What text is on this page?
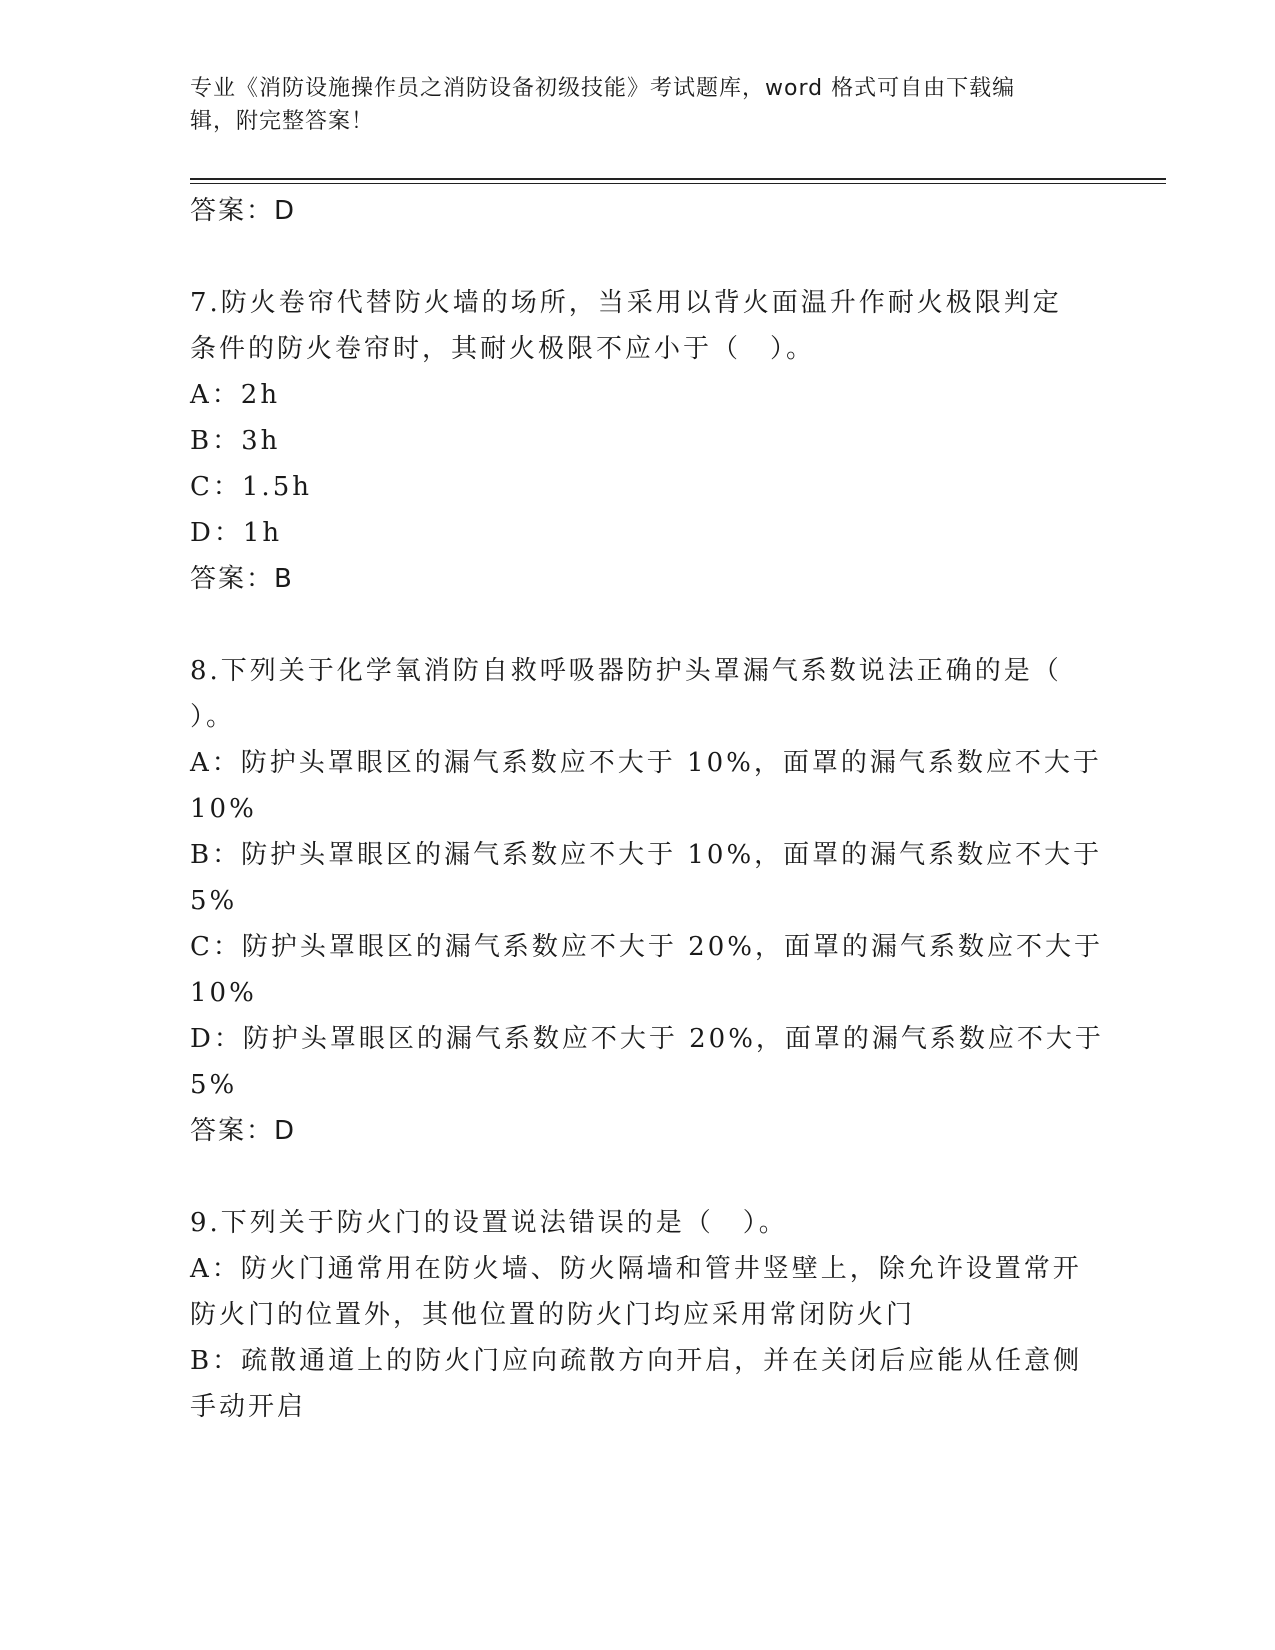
专业《消防设施操作员之消防设备初级技能》考试题库，word 格式可自由下载编
辑，附完整答案！
答案：D
7.防火卷帘代替防火墙的场所，当采用以背火面温升作耐火极限判定
条件的防火卷帘时，其耐火极限不应小于（　）。
A：2h
B：3h
C：1.5h
D：1h
答案：B
8.下列关于化学氧消防自救呼吸器防护头罩漏气系数说法正确的是（
）。
A：防护头罩眼区的漏气系数应不大于 10%，面罩的漏气系数应不大于
10%
B：防护头罩眼区的漏气系数应不大于 10%，面罩的漏气系数应不大于
5%
C：防护头罩眼区的漏气系数应不大于 20%，面罩的漏气系数应不大于
10%
D：防护头罩眼区的漏气系数应不大于 20%，面罩的漏气系数应不大于
5%
答案：D
9.下列关于防火门的设置说法错误的是（　）。
A：防火门通常用在防火墙、防火隔墙和管井竖壁上，除允许设置常开
防火门的位置外，其他位置的防火门均应采用常闭防火门
B：疏散通道上的防火门应向疏散方向开启，并在关闭后应能从任意侧
手动开启
